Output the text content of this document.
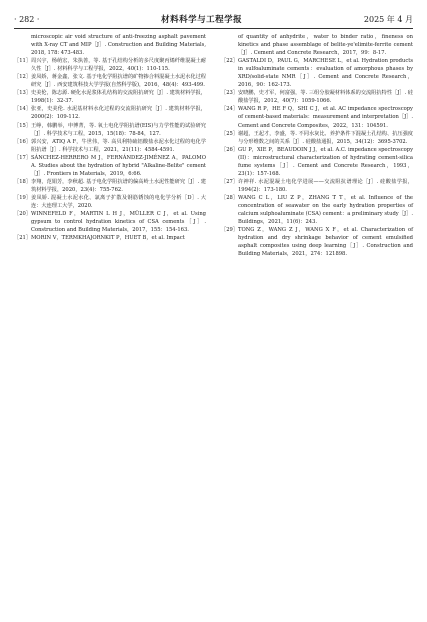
· 282 ·	材料科学与工程学报	2025 年 4 月
microscopic air void structure of anti-freezing asphalt pavement with X-ray CT and MIP［J］. Construction and Building Materials, 2018, 178: 473-483.
［11］ 周兴宇，杨萌宏，朱执善，等. 基于孔结构分析的多尺度聚丙烯纤维混凝土耐久性［J］. 材料科学与工程学报，2022，40(1)：110-115.
［12］ 姜凤娇，蒋金鑫，张文. 基于电化学阻抗谱的矿物掺合料混凝土水泥水化过程研究［J］. 西安建筑科技大学学报(自然科学版)，2016，48(4)：493-499.
［13］ 史美伦，陈志源. 硬化水泥浆体孔结构的交流阻抗研究［J］. 建筑材料学报，1998(1)：32-37.
［14］ 张亚，史美伦. 水泥基材料水化过程的交流阻抗研究［J］. 建筑材料学报，2000(2)：109-112.
［15］ 王峥，韩鹏举，申博菁，等. 氧土电化学阻抗谱(EIS)与力学性能的试验研究［J］. 科学技术与工程，2015，15(18)：78-84，127.
［16］ 郭兴安，ATIQ A F，牛世伟，等. 高贝利特硫铝酸盐水泥水化过程的电化学阻抗谱［J］. 科学技术与工程，2021，21(11)：4584-4591.
［17］ SÁNCHEZ-HERRERO M J，FERNÁNDEZ-JIMÉNEZ A，PALOMO A. Studies about the hydration of hybrid "Alkaline-Belite" cement［J］. Frontiers in Materials，2019，6:66.
［18］ 李翔，范娟芳，李秋超. 基于电化学阻抗谱的偏高岭土水泥性能研究［J］. 建筑材料学报，2020，23(4)：755-762.
［19］ 姜凤娇. 混凝土水泥水化、氯离子扩散及钢筋锈蚀的电化学分析［D］. 大连：大连理工大学，2020.
［20］ WINNEFELD F，MARTIN L H J，MÜLLER C J，et al. Using gypsum to control hydration kinetics of CSA cements［J］. Construction and Building Materials，2017，155：154-163.
［21］ MORIN V，TERMKHAJORNKIT P，HUET B，et al. Impact
of quantity of anhydrite，water to binder ratio，fineness on kinetics and phase assemblage of belite-ye'elimite-ferrite cement［J］. Cement and Concrete Research，2017，99：8-17.
［22］ GASTALDI D，PAUL G，MARCHESE L，et al. Hydration products in sulfoaluminate cements：evaluation of amorphous phases by XRD/solid-state NMR［J］. Cement and Concrete Research，2016，90：162-173.
［23］ 安晓鹏，史才军，何富强，等. 三组分胶凝材料体系的交流阻抗特性［J］. 硅酸盐学报，2012，40(7)：1059-1066.
［24］ WANG R P，HE F Q，SHI C J，et al. AC impedance spectroscopy of cement-based materials：measurement and interpretation［J］. Cement and Concrete Composites，2022，131：104591.
［25］ 谢超，王起才，李盛，等. 不同水灰比、养护条件下混凝土孔结构、抗压强度与分形维数之间的关系［J］. 硅酸盐通报，2015，34(12)：3695-3702.
［26］ GU P，XIE P，BEAUDOIN J J，et al. A.C. impedance spectroscopy (II)：microstructural characterization of hydrating cement-silica fume systems［J］. Cement and Concrete Research，1993，23(1)：157-168.
［27］ 许神祥. 水泥混凝土电化学进展——交流阻抗谱理论［J］. 硅酸盐学报，1994(2)：173-180.
［28］ WANG C L，LIU Z P，ZHANG T T，et al. Influence of the concentration of seawater on the early hydration properties of calcium sulphoaluminate (CSA) cement：a preliminary study［J］. Buildings，2021，11(6)：243.
［29］ TONG Z，WANG Z J，WANG X F，et al. Characterization of hydration and dry shrinkage behavior of cement emulsified asphalt composites using deep learning［J］. Construction and Building Materials，2021，274：121898.
